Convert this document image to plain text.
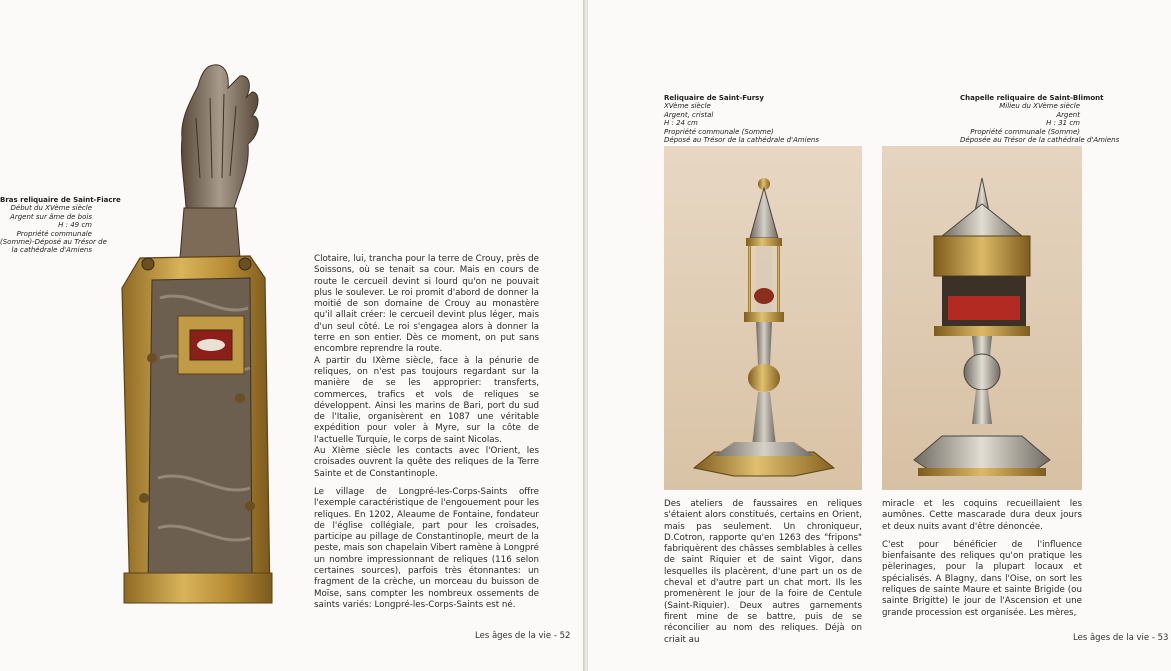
Bras reliquaire de Saint-Fiacre
Début du XVème siècle
Argent sur âme de bois
H : 49 cm
Propriété communale
(Somme)-Déposé au Trésor de
la cathédrale d'Amiens

Clotaire, lui, trancha pour la terre de Crouy, près de Soissons, où se tenait sa cour. Mais en cours de route le cercueil devint si lourd qu'on ne pouvait plus le soulever. Le roi promit d'abord de donner la moitié de son domaine de Crouy au monastère qu'il allait créer: le cercueil devint plus léger, mais d'un seul côté. Le roi s'engagea alors à donner la terre en son entier. Dès ce moment, on put sans encombre reprendre la route.

A partir du IXème siècle, face à la pénurie de reliques, on n'est pas toujours regardant sur la manière de se les approprier: transferts, commerces, trafics et vols de reliques se développent. Ainsi les marins de Bari, port du sud de l'Italie, organisèrent en 1087 une véritable expédition pour voler à Myre, sur la côte de l'actuelle Turquie, le corps de saint Nicolas.

Au XIème siècle les contacts avec l'Orient, les croisades ouvrent la quête des reliques de la Terre Sainte et de Constantinople.

Le village de Longpré-les-Corps-Saints offre l'exemple caractéristique de l'engouement pour les reliques. En 1202, Aleaume de Fontaine, fondateur de l'église collégiale, part pour les croisades, participe au pillage de Constantinople, meurt de la peste, mais son chapelain Vibert ramène à Longpré un nombre impressionnant de reliques (116 selon certaines sources), parfois très étonnantes: un fragment de la crèche, un morceau du buisson de Moïse, sans compter les nombreux ossements de saints variés: Longpré-les-Corps-Saints est né.

Les âges de la vie - 52
Reliquaire de Saint-Fursy
XVème siècle
Argent, cristal
H : 24 cm
Propriété communale (Somme)
Déposé au Trésor de la cathédrale d'Amiens
Chapelle reliquaire de Saint-Blimont
Milieu du XVème siècle
Argent
H : 31 cm
Propriété communale (Somme)
Déposée au Trésor de la cathédrale d'Amiens

Des ateliers de faussaires en reliques s'étaient alors constitués, certains en Orient, mais pas seulement. Un chroniqueur, D.Cotron, rapporte qu'en 1263 des "fripons" fabriquèrent des châsses semblables à celles de saint Riquier et de saint Vigor, dans lesquelles ils placèrent, d'une part un os de cheval et d'autre part un chat mort. Ils les promenèrent le jour de la foire de Centule (Saint-Riquier). Deux autres garnements firent mine de se battre, puis de se réconcilier au nom des reliques. Déjà on criait au

miracle et les coquins recueillaient les aumônes. Cette mascarade dura deux jours et deux nuits avant d'être dénoncée.

C'est pour bénéficier de l'influence bienfaisante des reliques qu'on pratique les pèlerinages, pour la plupart locaux et spécialisés. A Blagny, dans l'Oise, on sort les reliques de sainte Maure et sainte Brigide (ou sainte Brigitte) le jour de l'Ascension et une grande procession est organisée. Les mères,

Les âges de la vie - 53
